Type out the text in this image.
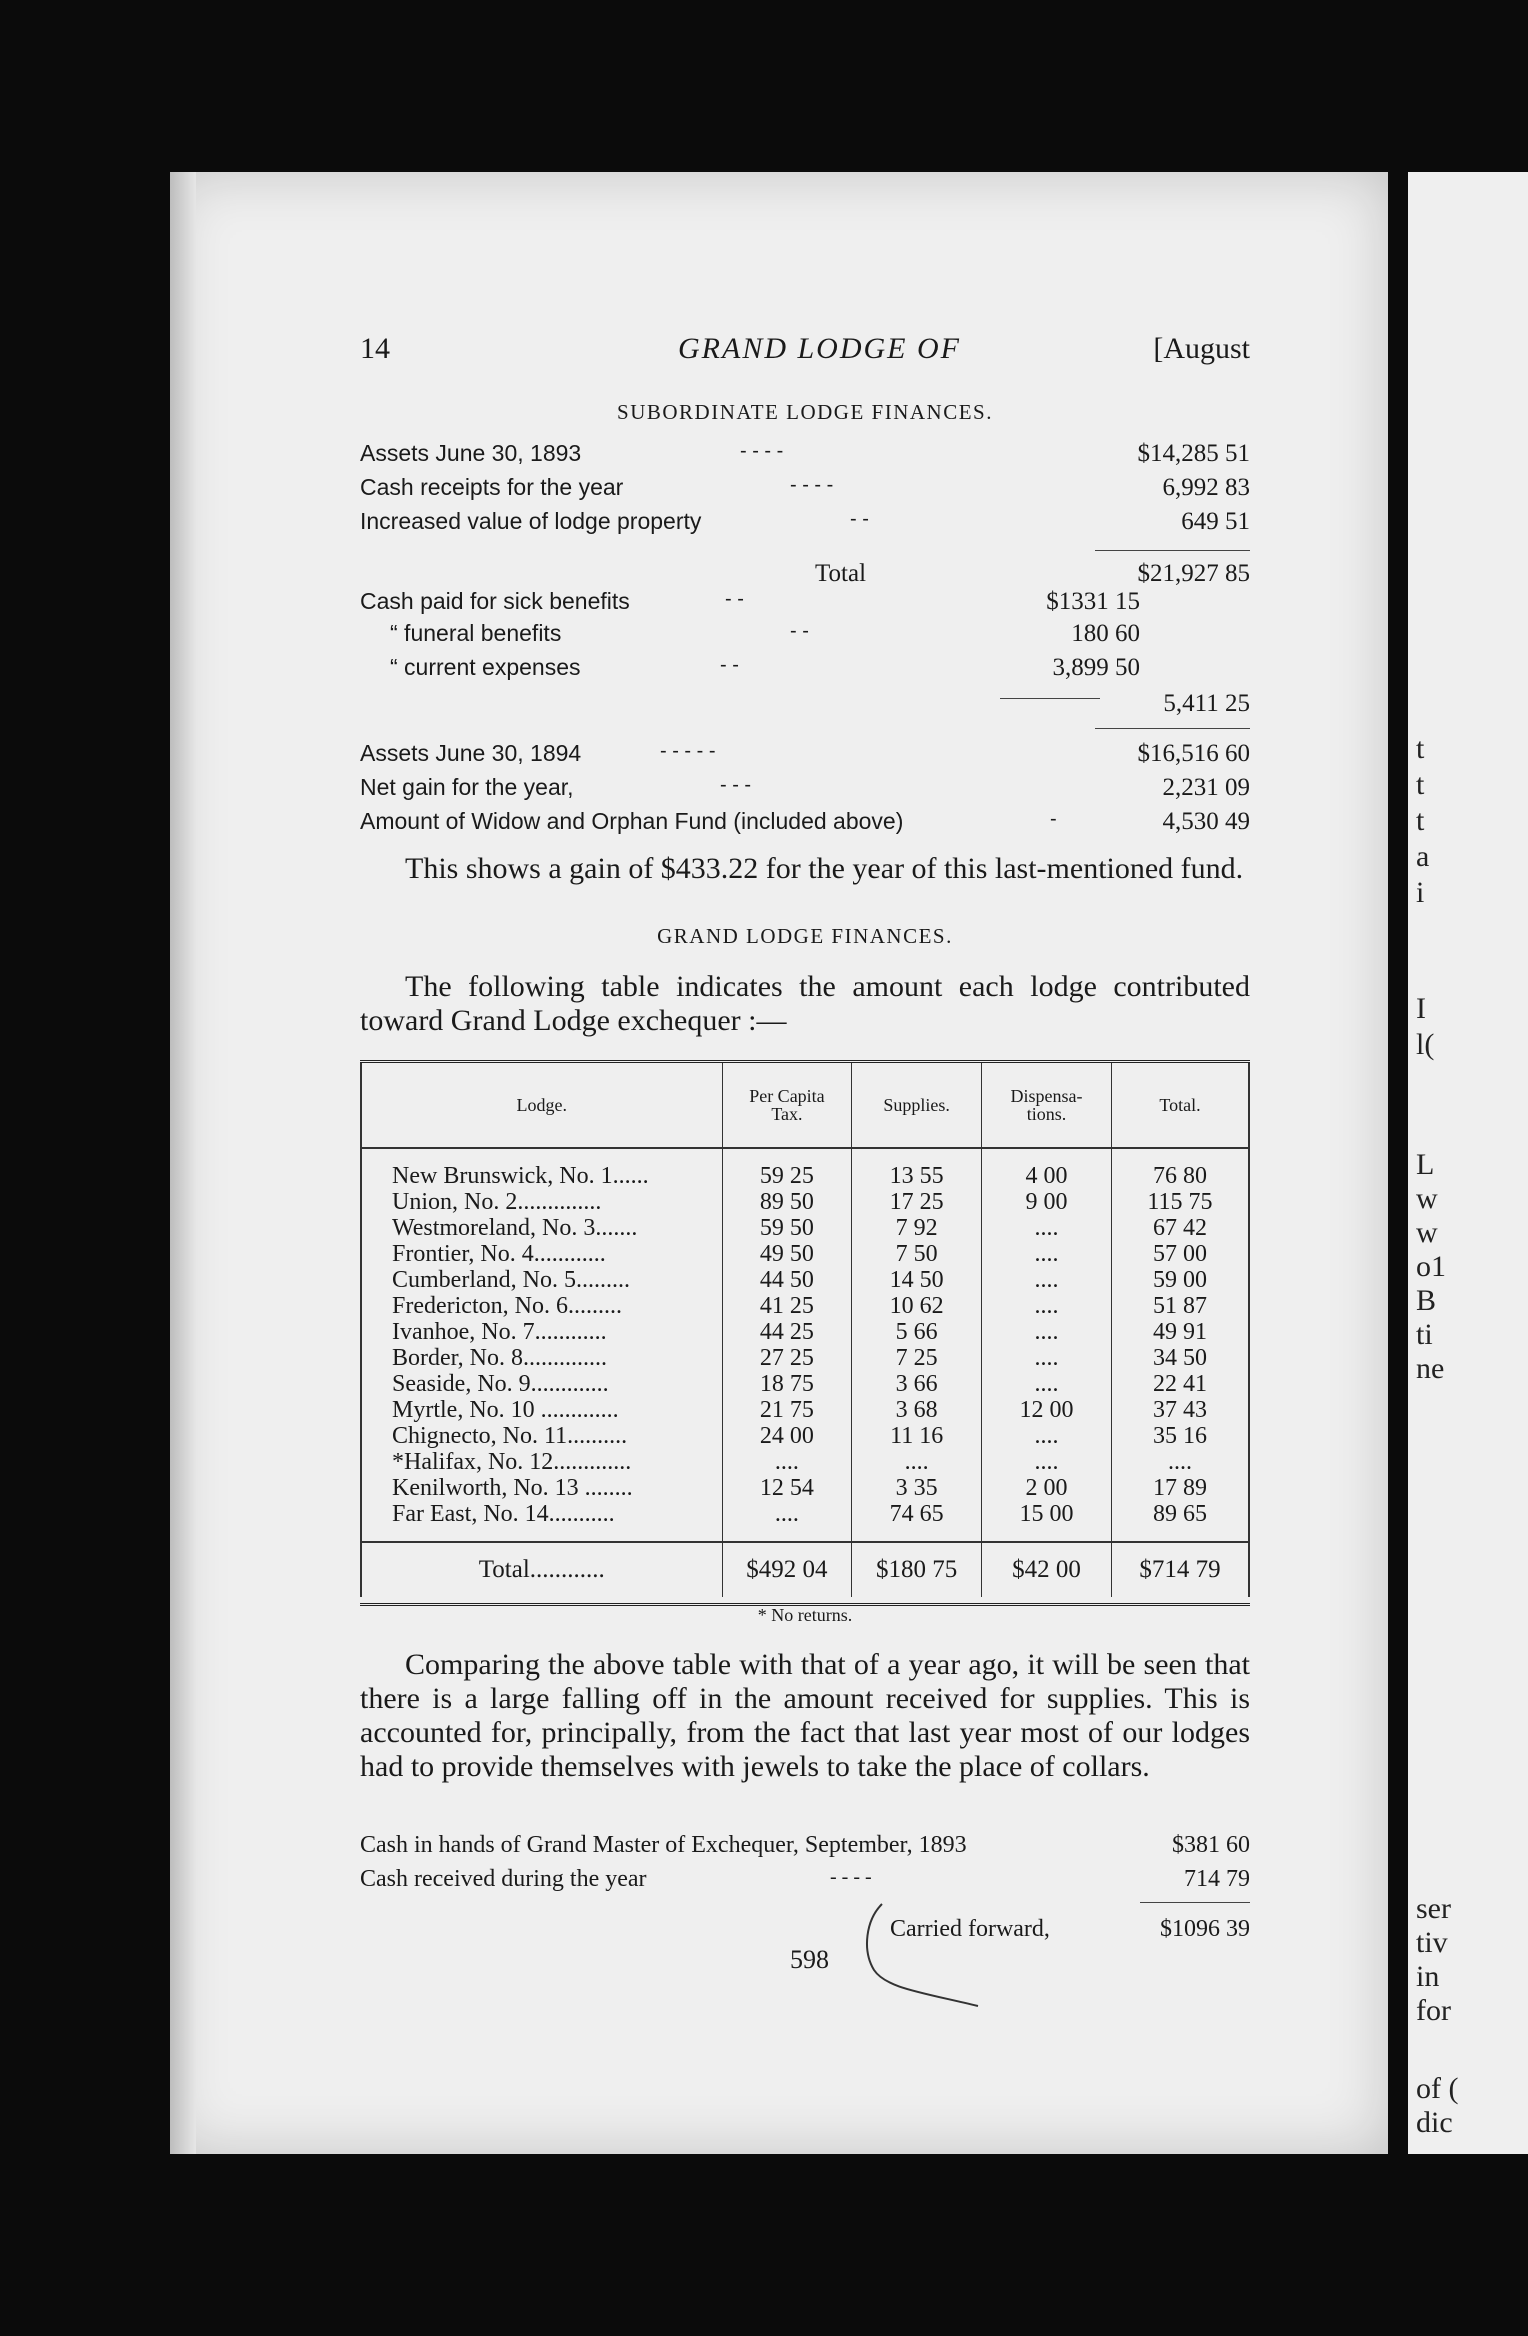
t
t
t
a
i
I
l(
L
w
w
o1
B
ti
ne
ser
tiv
in
for
of (
dic
14	GRAND LODGE OF	[August
SUBORDINATE LODGE FINANCES.
Assets June 30, 1893	- - - -	$14,285 51
Cash receipts for the year	- - - -	6,992 83
Increased value of lodge property	- -	649 51
Total	$21,927 85
Cash paid for sick benefits	- -	$1331 15
“ funeral benefits	- -	180 60
“ current expenses	- -	3,899 50
5,411 25
Assets June 30, 1894	- - - - -	$16,516 60
Net gain for the year,	- - -	2,231 09
Amount of Widow and Orphan Fund (included above)	-	4,530 49
This shows a gain of $433.22 for the year of this last-mentioned fund.
GRAND LODGE FINANCES.
The following table indicates the amount each lodge contributed toward Grand Lodge exchequer :—
Lodge.	Per Capita Tax.	Supplies.	Dispensa-tions.	Total.
New Brunswick, No. 1......	59 25	13 55	4 00	76 80
Union, No. 2..............	89 50	17 25	9 00	115 75
Westmoreland, No. 3.......	59 50	7 92	....	67 42
Frontier, No. 4............	49 50	7 50	....	57 00
Cumberland, No. 5.........	44 50	14 50	....	59 00
Fredericton, No. 6.........	41 25	10 62	....	51 87
Ivanhoe, No. 7............	44 25	5 66	....	49 91
Border, No. 8..............	27 25	7 25	....	34 50
Seaside, No. 9.............	18 75	3 66	....	22 41
Myrtle, No. 10 .............	21 75	3 68	12 00	37 43
Chignecto, No. 11..........	24 00	11 16	....	35 16
*Halifax, No. 12.............	....	....	....	....
Kenilworth, No. 13 ........	12 54	3 35	2 00	17 89
Far East, No. 14...........	....	74 65	15 00	89 65
Total............	$492 04	$180 75	$42 00	$714 79
* No returns.
Comparing the above table with that of a year ago, it will be seen that there is a large falling off in the amount received for supplies. This is accounted for, principally, from the fact that last year most of our lodges had to provide themselves with jewels to take the place of collars.
Cash in hands of Grand Master of Exchequer, September, 1893	$381 60
Cash received during the year	- - - -	714 79
Carried forward,	$1096 39
598
